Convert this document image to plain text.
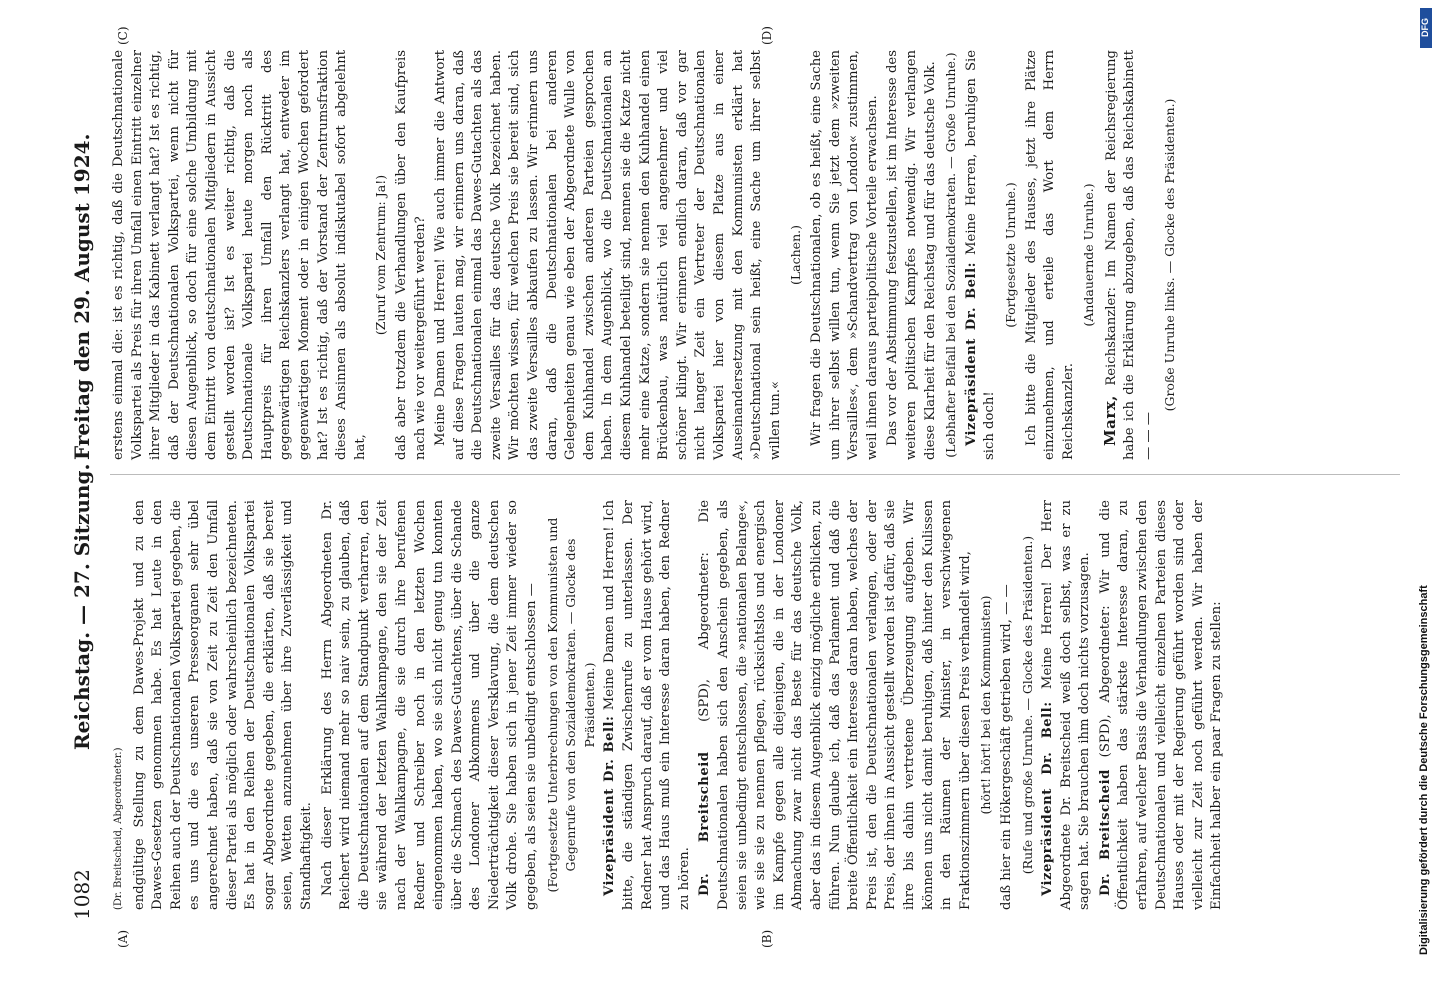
1082
Reichstag. — 27. Sitzung.
Freitag den 29. August 1924.
(A)	(B)
(C)	(D)

(Dr. Breitscheid, Abgeordneter.) endgültige Stellung zu dem Dawes-Projekt und zu den Dawes-Gesetzen genommen habe. Es hat Leute in den Reihen auch der Deutschnationalen Volkspartei gegeben, die es uns und die es unseren Presseorganen sehr übel angerechnet haben, daß sie von Zeit zu Zeit den Umfall dieser Partei als möglich oder wahrscheinlich bezeichneten. Es hat in den Reihen der Deutschnationalen Volkspartei sogar Abgeordnete gegeben, die erklärten, daß sie bereit seien, Wetten anzunehmen über ihre Zuverlässigkeit und Standhaftigkeit. Nach dieser Erklärung des Herrn Abgeordneten Dr. Reichert wird niemand mehr so naiv sein, zu glauben, daß die Deutschnationalen auf dem Standpunkt verharren, den sie während der letzten Wahlkampagne, den sie der Zeit nach der Wahlkampagne, die sie durch ihre berufenen Redner und Schreiber noch in den letzten Wochen eingenommen haben, wo sie sich nicht genug tun konnten über die Schmach des Dawes-Gutachtens, über die Schande des Londoner Abkommens und über die ganze Niederträchtigkeit dieser Versklavung, die dem deutschen Volk drohe. Sie haben sich in jener Zeit immer wieder so gegeben, als seien sie unbedingt entschlossen — (Fortgesetzte Unterbrechungen von den Kommunisten und Gegenrufe von den Sozialdemokraten. — Glocke des Präsidenten.)

Vizepräsident Dr. Bell: Meine Damen und Herren! Ich bitte, die ständigen Zwischenrufe zu unterlassen. Der Redner hat Anspruch darauf, daß er vom Hause gehört wird, und das Haus muß ein Interesse daran haben, den Redner zu hören. Dr. Breitscheid (SPD), Abgeordneter: Die Deutschnationalen haben sich den Anschein gegeben, als seien sie unbedingt entschlossen, die »nationalen Belange«, wie sie sie zu nennen pflegen, rücksichtslos und energisch im Kampfe gegen alle diejenigen, die in der Londoner Abmachung zwar nicht das Beste für das deutsche Volk, aber das in diesem Augenblick einzig mögliche erblicken, zu führen. Nun glaube ich, daß das Parlament und daß die breite Öffentlichkeit ein Interesse daran haben, welches der Preis ist, den die Deutschnationalen verlangen, oder der Preis, der ihnen in Aussicht gestellt worden ist dafür, daß sie ihre bis dahin vertretene Überzeugung aufgeben. Wir können uns nicht damit beruhigen, daß hinter den Kulissen in den Räumen der Minister, in verschwiegenen Fraktionszimmern über diesen Preis verhandelt wird, (hört! hört! bei den Kommunisten) daß hier ein Hökergeschäft getrieben wird, — — (Rufe und große Unruhe. — Glocke des Präsidenten.) Vizepräsident Dr. Bell: Meine Herren! Der Herr Abgeordnete Dr. Breitscheid weiß doch selbst, was er zu sagen hat. Sie brauchen ihm doch nichts vorzusagen. Dr. Breitscheid (SPD), Abgeordneter: Wir und die Öffentlichkeit haben das stärkste Interesse daran, zu erfahren, auf welcher Basis die Verhandlungen zwischen den Deutschnationalen und vielleicht einzelnen Parteien dieses Hauses oder mit der Regierung geführt worden sind oder vielleicht zur Zeit noch geführt werden. Wir haben der Einfachheit halber ein paar Fragen zu stellen:

erstens einmal die: ist es richtig, daß die Deutschnationale Volkspartei als Preis für ihren Umfall einen Eintritt einzelner ihrer Mitglieder in das Kabinett verlangt hat? Ist es richtig, daß der Deutschnationalen Volkspartei, wenn nicht für diesen Augenblick, so doch für eine solche Umbildung mit dem Eintritt von deutschnationalen Mitgliedern in Aussicht gestellt worden ist? Ist es weiter richtig, daß die Deutschnationale Volkspartei heute morgen noch als Hauptpreis für ihren Umfall den Rücktritt des gegenwärtigen Reichskanzlers verlangt hat, entweder im gegenwärtigen Moment oder in einigen Wochen gefordert hat? Ist es richtig, daß der Vorstand der Zentrumsfraktion dieses Ansinnen als absolut indiskutabel sofort abgelehnt hat,

(Zuruf vom Zentrum: Ja!) daß aber trotzdem die Verhandlungen über den Kaufpreis nach wie vor weitergeführt werden? Meine Damen und Herren! Wie auch immer die Antwort auf diese Fragen lauten mag, wir erinnern uns daran, daß die Deutschnationalen einmal das Dawes-Gutachten als das zweite Versailles für das deutsche Volk bezeichnet haben. Wir möchten wissen, für welchen Preis sie bereit sind, sich das zweite Versailles abkaufen zu lassen. Wir erinnern uns daran, daß die Deutschnationalen bei anderen Gelegenheiten genau wie eben der Abgeordnete Wulle von dem Kuhhandel zwischen anderen Parteien gesprochen haben. In dem Augenblick, wo die Deutschnationalen an diesem Kuhhandel beteiligt sind, nennen sie die Katze nicht mehr eine Katze, sondern sie nennen den Kuhhandel einen Brückenbau, was natürlich viel angenehmer und viel schöner klingt. Wir erinnern endlich daran, daß vor gar nicht langer Zeit ein Vertreter der Deutschnationalen Volkspartei hier von diesem Platze aus in einer Auseinandersetzung mit den Kommunisten erklärt hat »Deutschnational sein heißt, eine Sache um ihrer selbst willen tun.«

(Lachen.) Wir fragen die Deutschnationalen, ob es heißt, eine Sache um ihrer selbst willen tun, wenn Sie jetzt dem »zweiten Versailles«, dem »Schandvertrag von London« zustimmen, weil ihnen daraus parteipolitische Vorteile erwachsen. Das vor der Abstimmung festzustellen, ist im Interesse des weiteren politischen Kampfes notwendig. Wir verlangen diese Klarheit für den Reichstag und für das deutsche Volk. (Lebhafter Beifall bei den Sozialdemokraten. — Große Unruhe.) Vizepräsident Dr. Bell: Meine Herren, beruhigen Sie sich doch!

(Fortgesetzte Unruhe.) Ich bitte die Mitglieder des Hauses, jetzt ihre Plätze einzunehmen, und erteile das Wort dem Herrn Reichskanzler.

(Andauernde Unruhe.)

Marx, Reichskanzler: Im Namen der Reichsregierung habe ich die Erklärung abzugeben, daß das Reichskabinett — — —

(Große Unruhe links. — Glocke des Präsidenten.)

DFG
Digitalisierung gefördert durch die Deutsche Forschungsgemeinschaft
